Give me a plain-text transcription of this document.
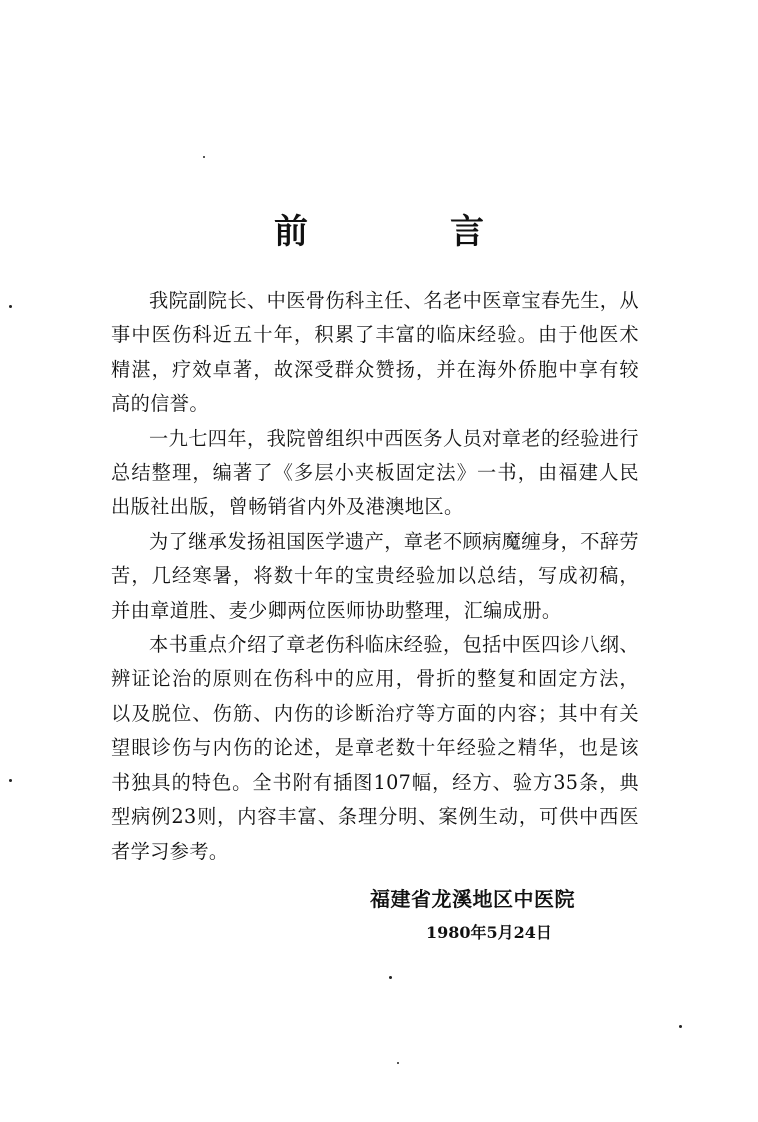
前　言

我院副院长、中医骨伤科主任、名老中医章宝春先生，从事中医伤科近五十年，积累了丰富的临床经验。由于他医术精湛，疗效卓著，故深受群众赞扬，并在海外侨胞中享有较高的信誉。

一九七四年，我院曾组织中西医务人员对章老的经验进行总结整理，编著了《多层小夹板固定法》一书，由福建人民出版社出版，曾畅销省内外及港澳地区。

为了继承发扬祖国医学遗产，章老不顾病魔缠身，不辞劳苦，几经寒暑，将数十年的宝贵经验加以总结，写成初稿，并由章道胜、麦少卿两位医师协助整理，汇编成册。

本书重点介绍了章老伤科临床经验，包括中医四诊八纲、辨证论治的原则在伤科中的应用，骨折的整复和固定方法，以及脱位、伤筋、内伤的诊断治疗等方面的内容；其中有关望眼诊伤与内伤的论述，是章老数十年经验之精华，也是该书独具的特色。全书附有插图107幅，经方、验方35条，典型病例23则，内容丰富、条理分明、案例生动，可供中西医者学习参考。

福建省龙溪地区中医院
1980年5月24日
